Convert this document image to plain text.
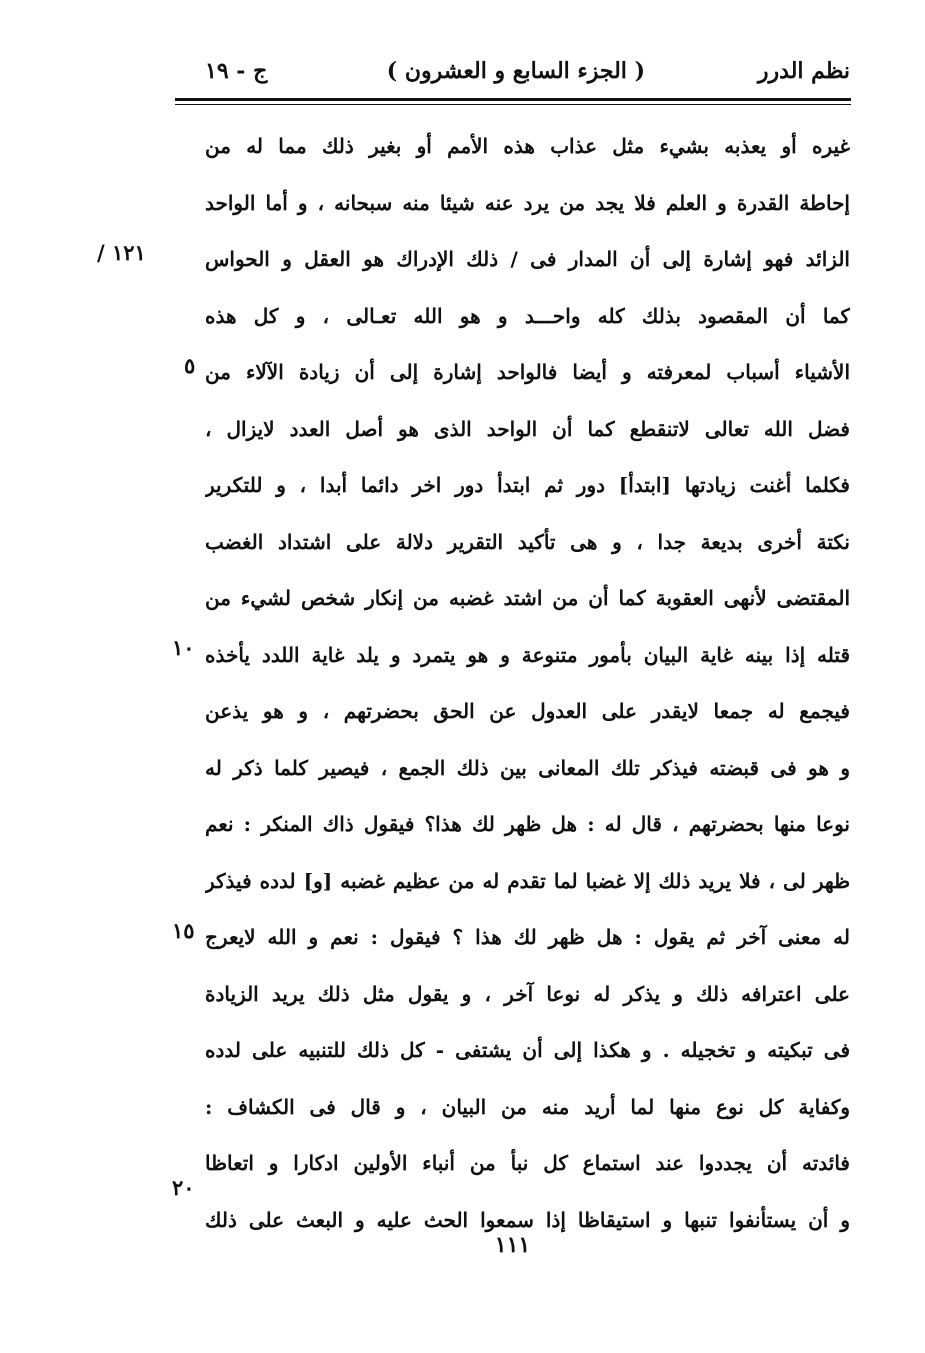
نظم الدرر
( الجزء السابع و العشرون )
ج - ١٩
١٢١ /
غيره أو يعذبه بشيء مثل عذاب هذه الأمم أو بغير ذلك مما له من
إحاطة القدرة و العلم فلا يجد من يرد عنه شيئا منه سبحانه ، و أما الواحد
الزائد فهو إشارة إلى أن المدار فى / ذلك الإدراك هو العقل و الحواس
كما أن المقصود بذلك كله واحـــد و هو الله تعـالى ، و كل هذه
الأشياء أسباب لمعرفته و أيضا فالواحد إشارة إلى أن زيادة الآلاء من
فضل الله تعالى لاتنقطع كما أن الواحد الذى هو أصل العدد لايزال ،
فكلما أغنت زيادتها [ابتدأ] دور ثم ابتدأ دور اخر دائما أبدا ، و للتكرير
نكتة أخرى بديعة جدا ، و هى تأكيد التقرير دلالة على اشتداد الغضب
المقتضى لأنهى العقوبة كما أن من اشتد غضبه من إنكار شخص لشيء من
قتله إذا بينه غاية البيان بأمور متنوعة و هو يتمرد و يلد غاية اللدد يأخذه
فيجمع له جمعا لايقدر على العدول عن الحق بحضرتهم ، و هو يذعن
و هو فى قبضته فيذكر تلك المعانى بين ذلك الجمع ، فيصير كلما ذكر له
نوعا منها بحضرتهم ، قال له : هل ظهر لك هذا؟ فيقول ذاك المنكر : نعم
ظهر لى ، فلا يريد ذلك إلا غضبا لما تقدم له من عظيم غضبه [و] لدده فيذكر
له معنى آخر ثم يقول : هل ظهر لك هذا ؟ فيقول : نعم و الله لايعرج
على اعترافه ذلك و يذكر له نوعا آخر ، و يقول مثل ذلك يريد الزيادة
فى تبكيته و تخجيله . و هكذا إلى أن يشتفى - كل ذلك للتنبيه على لدده
وكفاية كل نوع منها لما أريد منه من البيان ، و قال فى الكشاف :
فائدته أن يجددوا عند استماع كل نبأ من أنباء الأولين ادكارا و اتعاظا
و أن يستأنفوا تنبها و استيقاظا إذا سمعوا الحث عليه و البعث على ذلك
٥
١٠
١٥
٢٠
١١١
